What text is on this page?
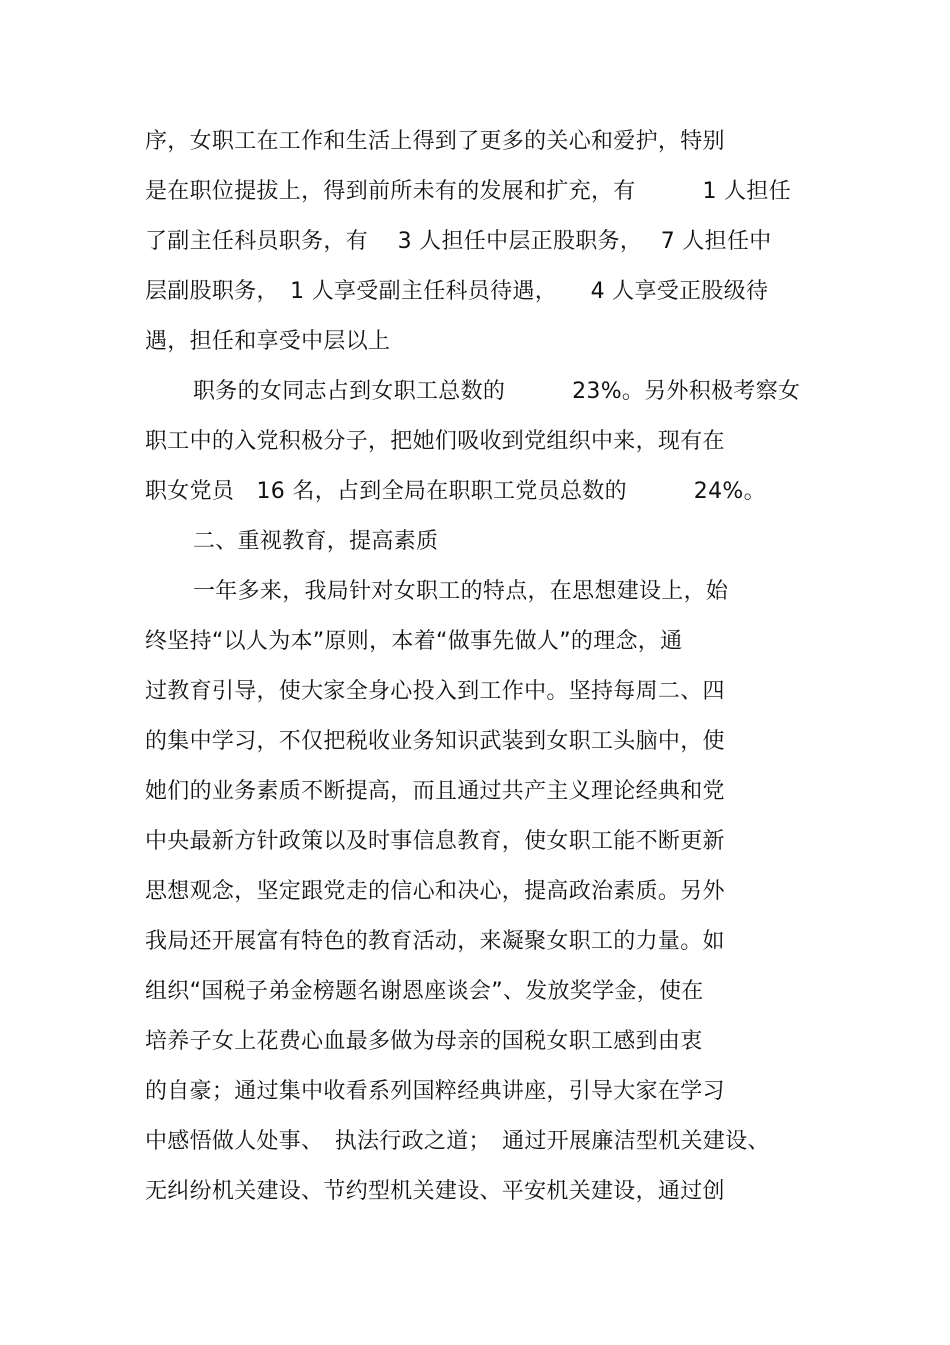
序，女职工在工作和生活上得到了更多的关心和爱护，特别
是在职位提拔上，得到前所未有的发展和扩充，有　　　1 人担任
了副主任科员职务，有　 3 人担任中层正股职务，　 7 人担任中
层副股职务，　1 人享受副主任科员待遇，　　4 人享受正股级待
遇，担任和享受中层以上
职务的女同志占到女职工总数的　　　23%。另外积极考察女
职工中的入党积极分子，把她们吸收到党组织中来，现有在
职女党员　16 名，占到全局在职职工党员总数的　　　24%。
二、重视教育，提高素质
一年多来，我局针对女职工的特点，在思想建设上，始
终坚持“以人为本”原则，本着“做事先做人”的理念，通
过教育引导，使大家全身心投入到工作中。坚持每周二、四
的集中学习，不仅把税收业务知识武装到女职工头脑中，使
她们的业务素质不断提高，而且通过共产主义理论经典和党
中央最新方针政策以及时事信息教育，使女职工能不断更新
思想观念，坚定跟党走的信心和决心，提高政治素质。另外
我局还开展富有特色的教育活动，来凝聚女职工的力量。如
组织“国税子弟金榜题名谢恩座谈会”、发放奖学金，使在
培养子女上花费心血最多做为母亲的国税女职工感到由衷
的自豪；通过集中收看系列国粹经典讲座，引导大家在学习
中感悟做人处事、　执法行政之道；　通过开展廉洁型机关建设、
无纠纷机关建设、节约型机关建设、平安机关建设，通过创
